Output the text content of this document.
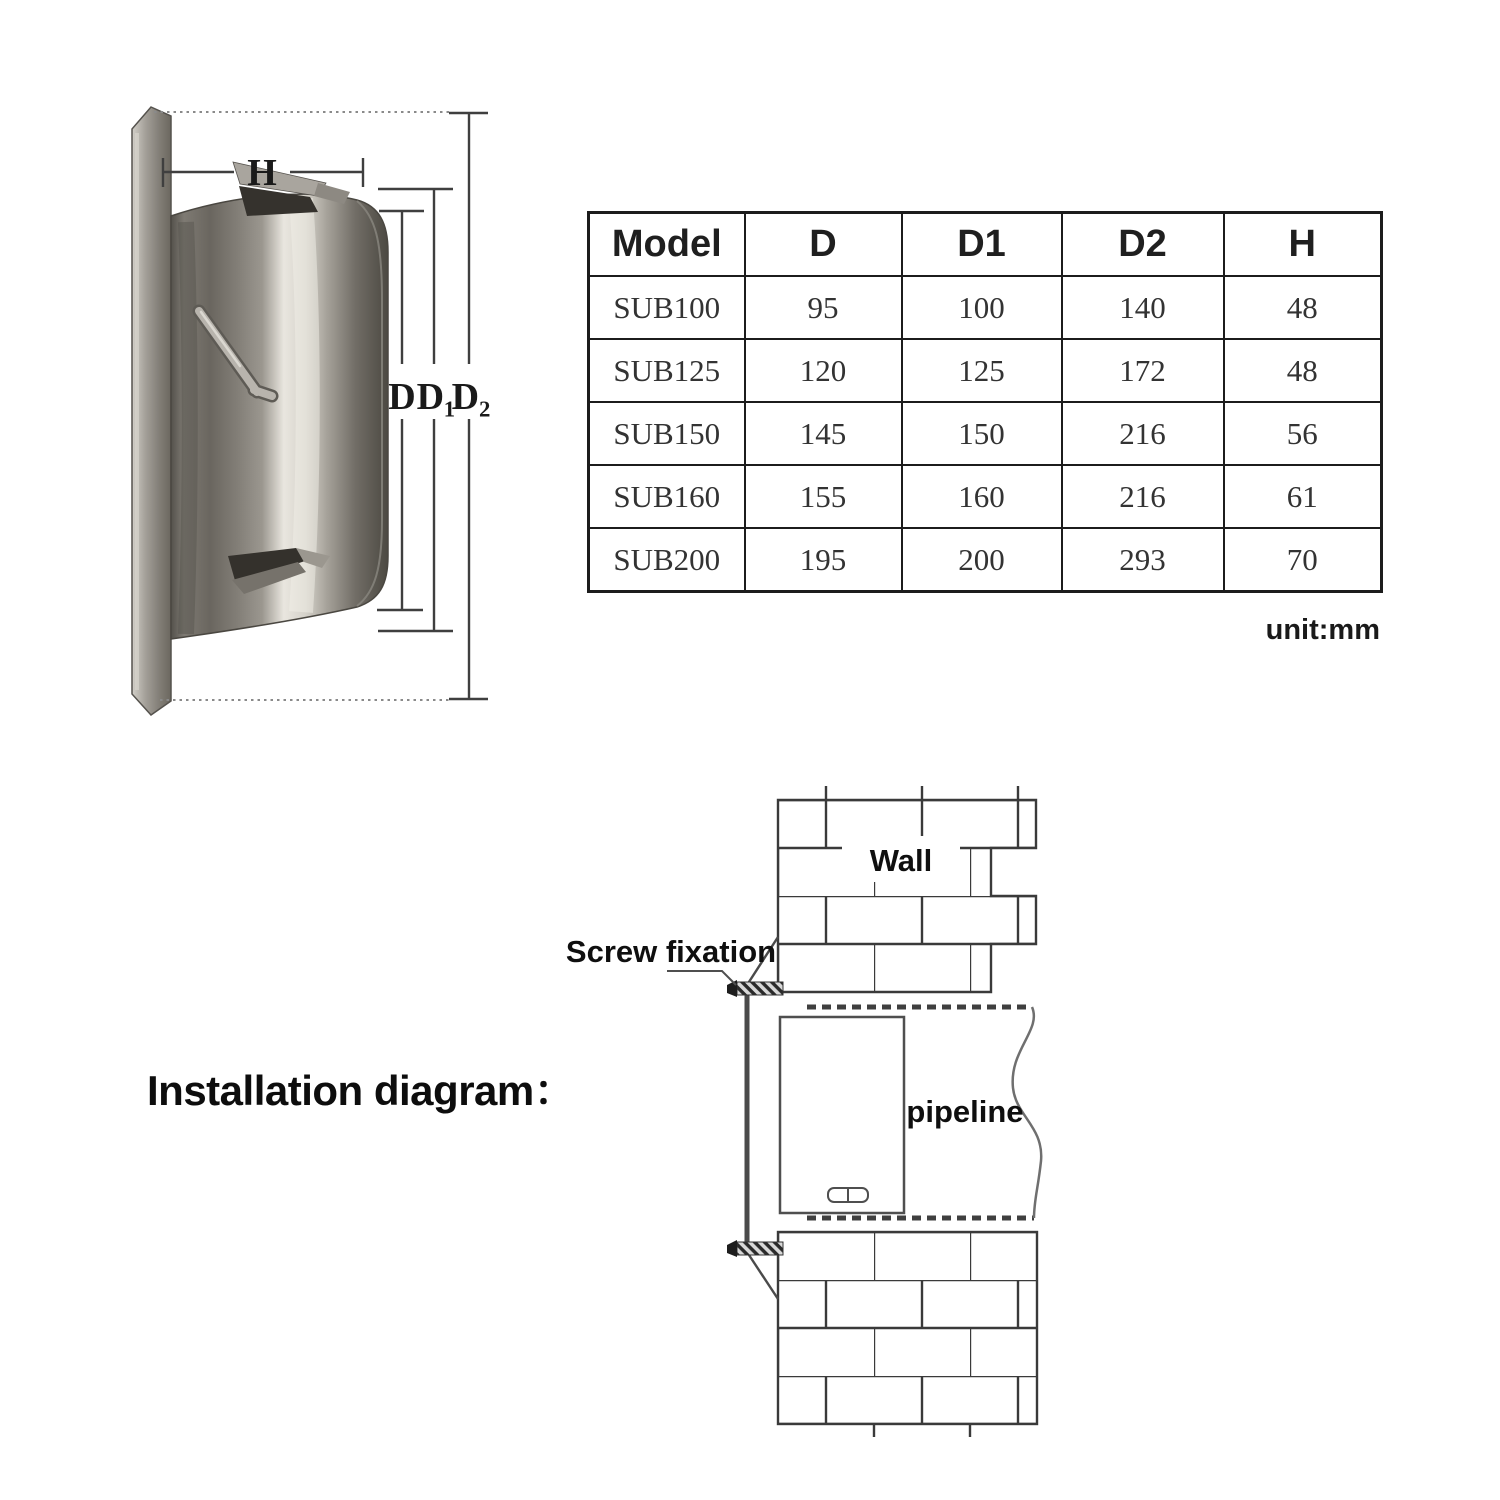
H
D D₁
D₂
Wall
Screw fixation
pipeline
Model	D	D1	D2	H
SUB100	95	100	140	48
SUB125	120	125	172	48
SUB150	145	150	216	56
SUB160	155	160	216	61
SUB200	195	200	293	70
unit:mm
Installation diagram：
